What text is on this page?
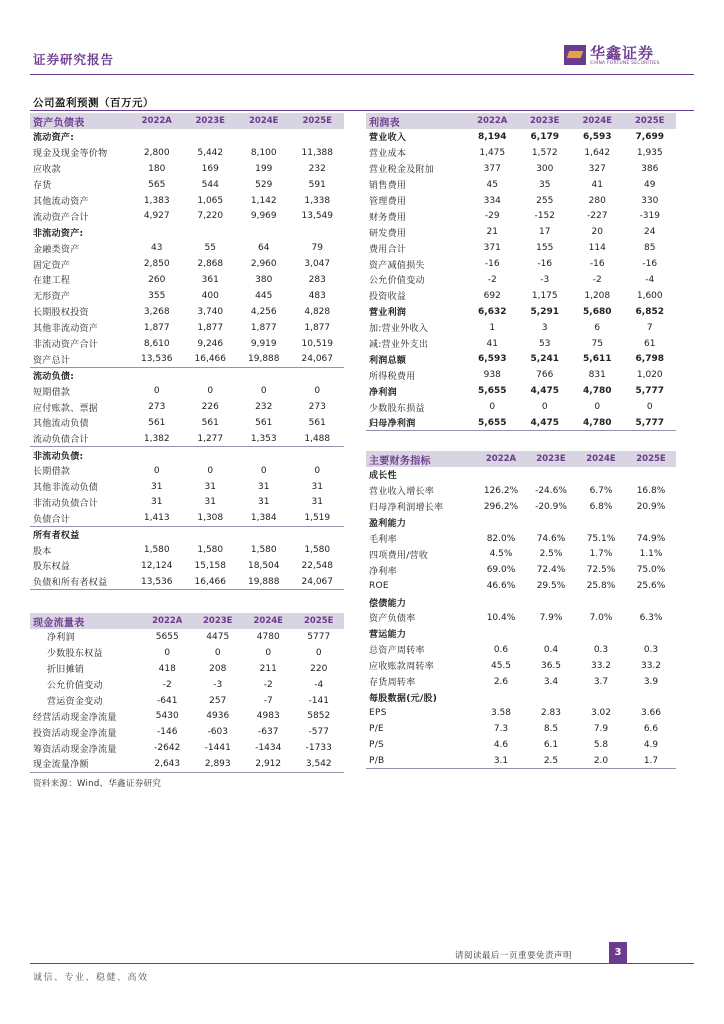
证券研究报告	华鑫证券
CHINA FORTUNE SECURITIES
公司盈利预测（百万元）
资产负债表	2022A	2023E	2024E	2025E
流动资产:				
现金及现金等价物	2,800	5,442	8,100	11,388
应收款	180	169	199	232
存货	565	544	529	591
其他流动资产	1,383	1,065	1,142	1,338
流动资产合计	4,927	7,220	9,969	13,549
非流动资产:				
金融类资产	43	55	64	79
固定资产	2,850	2,868	2,960	3,047
在建工程	260	361	380	283
无形资产	355	400	445	483
长期股权投资	3,268	3,740	4,256	4,828
其他非流动资产	1,877	1,877	1,877	1,877
非流动资产合计	8,610	9,246	9,919	10,519
资产总计	13,536	16,466	19,888	24,067
流动负债:				
短期借款	0	0	0	0
应付账款、票据	273	226	232	273
其他流动负债	561	561	561	561
流动负债合计	1,382	1,277	1,353	1,488
非流动负债:				
长期借款	0	0	0	0
其他非流动负债	31	31	31	31
非流动负债合计	31	31	31	31
负债合计	1,413	1,308	1,384	1,519
所有者权益				
股本	1,580	1,580	1,580	1,580
股东权益	12,124	15,158	18,504	22,548
负债和所有者权益	13,536	16,466	19,888	24,067
利润表	2022A	2023E	2024E	2025E
营业收入	8,194	6,179	6,593	7,699
营业成本	1,475	1,572	1,642	1,935
营业税金及附加	377	300	327	386
销售费用	45	35	41	49
管理费用	334	255	280	330
财务费用	-29	-152	-227	-319
研发费用	21	17	20	24
费用合计	371	155	114	85
资产减值损失	-16	-16	-16	-16
公允价值变动	-2	-3	-2	-4
投资收益	692	1,175	1,208	1,600
营业利润	6,632	5,291	5,680	6,852
加:营业外收入	1	3	6	7
减:营业外支出	41	53	75	61
利润总额	6,593	5,241	5,611	6,798
所得税费用	938	766	831	1,020
净利润	5,655	4,475	4,780	5,777
少数股东损益	0	0	0	0
归母净利润	5,655	4,475	4,780	5,777
主要财务指标	2022A	2023E	2024E	2025E
成长性				
营业收入增长率	126.2%	-24.6%	6.7%	16.8%
归母净利润增长率	296.2%	-20.9%	6.8%	20.9%
盈利能力				
毛利率	82.0%	74.6%	75.1%	74.9%
四项费用/营收	4.5%	2.5%	1.7%	1.1%
净利率	69.0%	72.4%	72.5%	75.0%
ROE	46.6%	29.5%	25.8%	25.6%
偿债能力				
资产负债率	10.4%	7.9%	7.0%	6.3%
营运能力				
总资产周转率	0.6	0.4	0.3	0.3
应收账款周转率	45.5	36.5	33.2	33.2
存货周转率	2.6	3.4	3.7	3.9
每股数据(元/股)				
EPS	3.58	2.83	3.02	3.66
P/E	7.3	8.5	7.9	6.6
P/S	4.6	6.1	5.8	4.9
P/B	3.1	2.5	2.0	1.7
现金流量表	2022A	2023E	2024E	2025E
净利润	5655	4475	4780	5777
少数股东权益	0	0	0	0
折旧摊销	418	208	211	220
公允价值变动	-2	-3	-2	-4
营运资金变动	-641	257	-7	-141
经营活动现金净流量	5430	4936	4983	5852
投资活动现金净流量	-146	-603	-637	-577
筹资活动现金净流量	-2642	-1441	-1434	-1733
现金流量净额	2,643	2,893	2,912	3,542
资料来源：Wind、华鑫证券研究
请阅读最后一页重要免责声明	3
诚信、专业、稳健、高效
